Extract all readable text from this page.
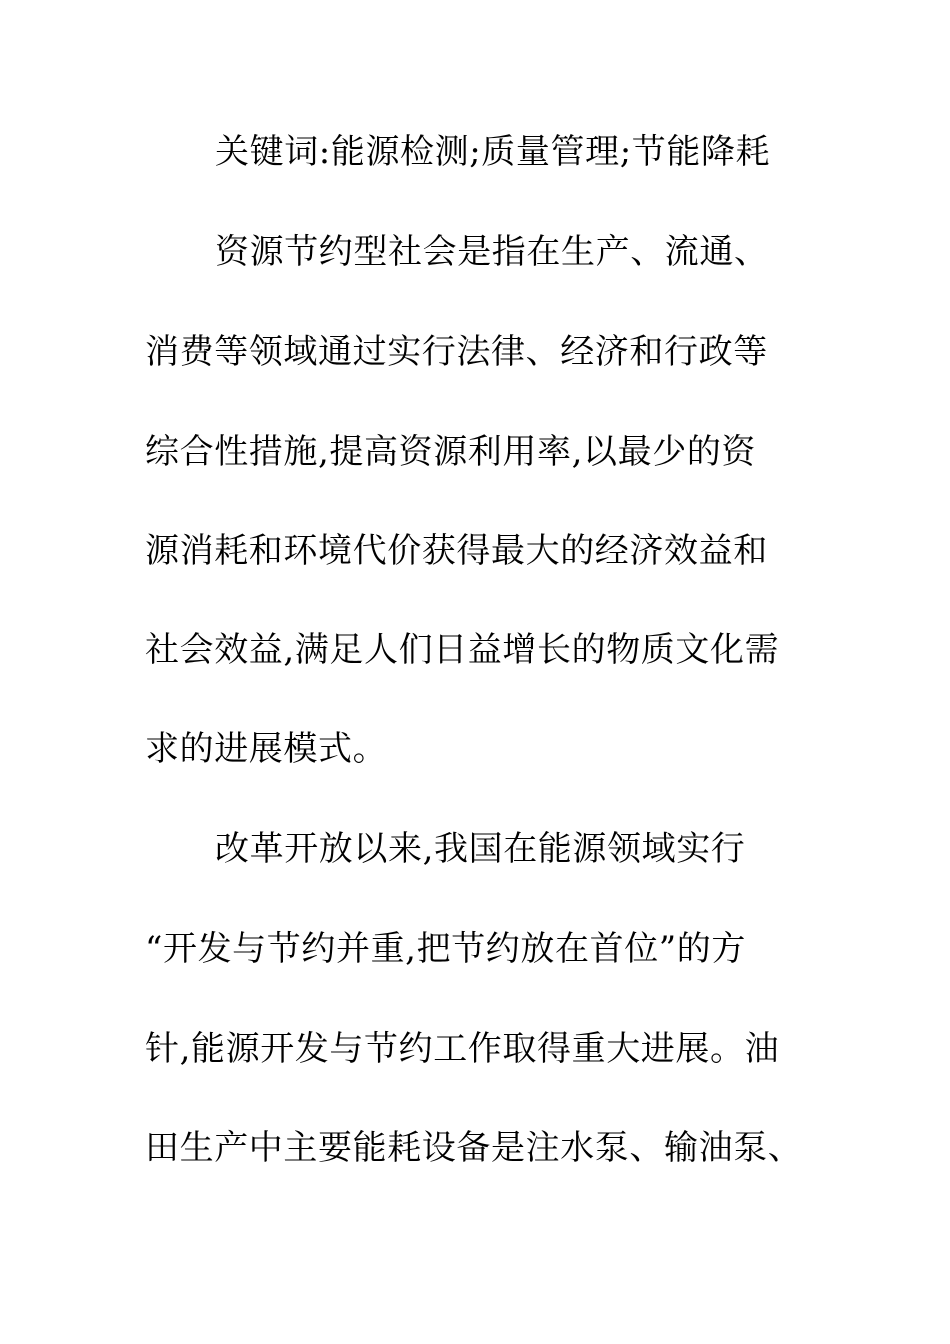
关键词:能源检测;质量管理;节能降耗
资源节约型社会是指在生产、流通、
消费等领域通过实行法律、经济和行政等
综合性措施,提高资源利用率,以最少的资
源消耗和环境代价获得最大的经济效益和
社会效益,满足人们日益增长的物质文化需
求的进展模式。
改革开放以来,我国在能源领域实行
“开发与节约并重,把节约放在首位”的方
针,能源开发与节约工作取得重大进展。油
田生产中主要能耗设备是注水泵、输油泵、
